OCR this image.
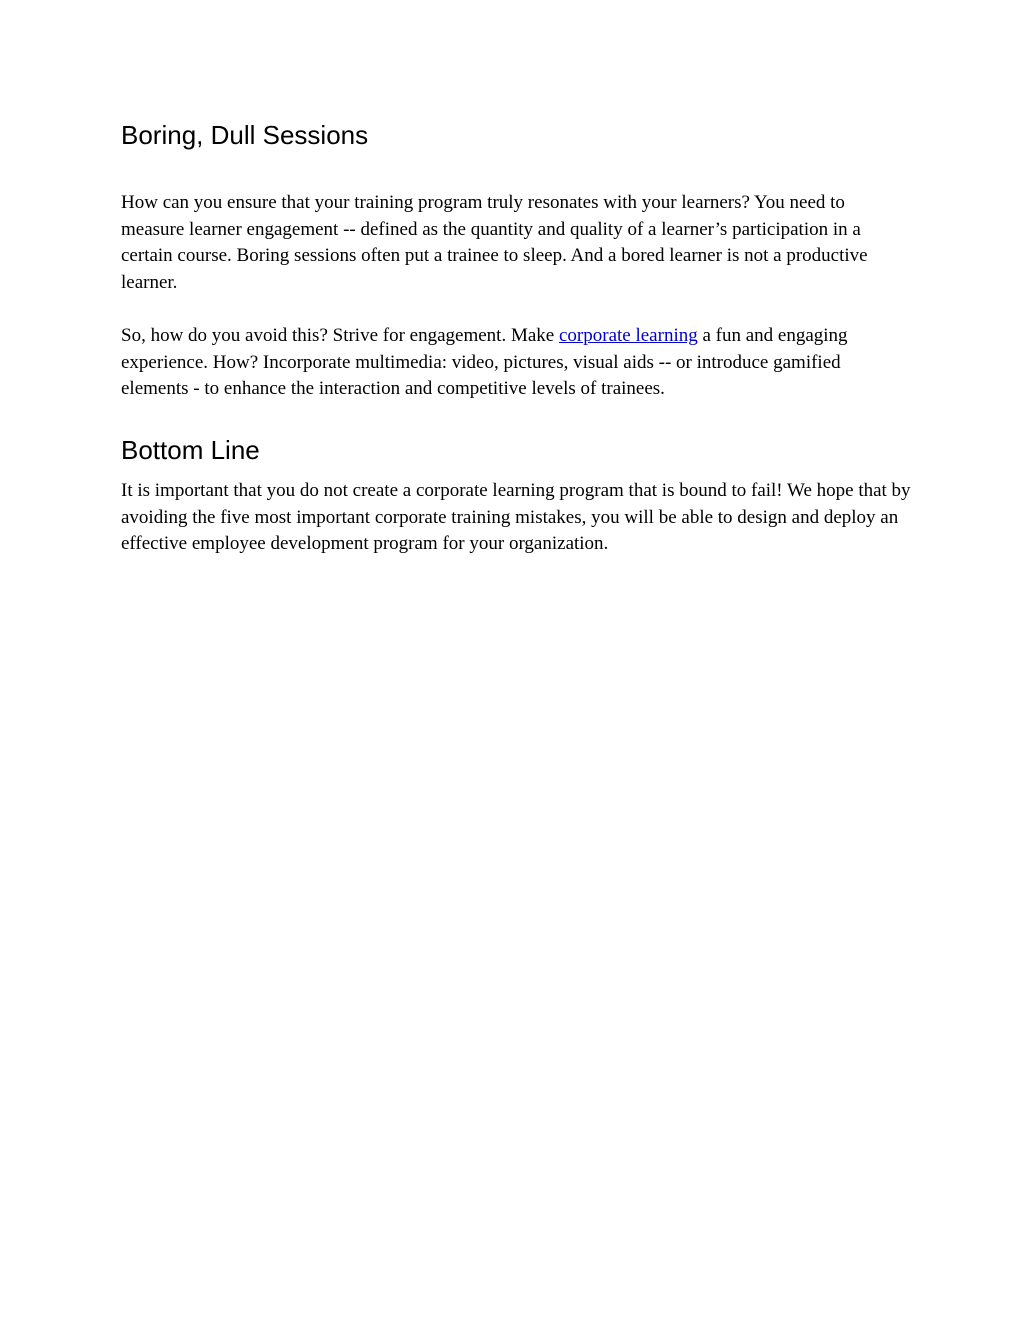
Boring, Dull Sessions

How can you ensure that your training program truly resonates with your learners? You need to measure learner engagement -- defined as the quantity and quality of a learner’s participation in a certain course. Boring sessions often put a trainee to sleep. And a bored learner is not a productive learner.

So, how do you avoid this? Strive for engagement. Make corporate learning a fun and engaging experience. How? Incorporate multimedia: video, pictures, visual aids -- or introduce gamified elements - to enhance the interaction and competitive levels of trainees.

Bottom Line

It is important that you do not create a corporate learning program that is bound to fail! We hope that by avoiding the five most important corporate training mistakes, you will be able to design and deploy an effective employee development program for your organization.
